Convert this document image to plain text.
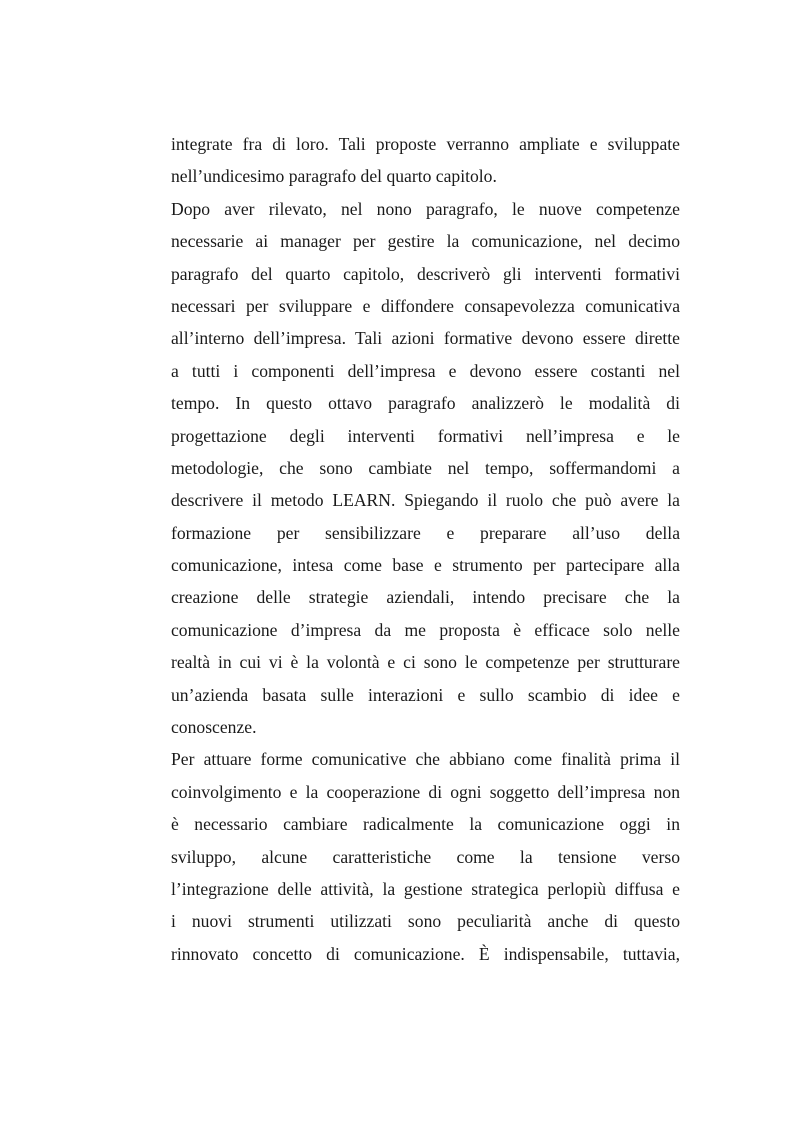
integrate fra di loro. Tali proposte verranno ampliate e sviluppate
nell’undicesimo paragrafo del quarto capitolo.
Dopo aver rilevato, nel nono paragrafo, le nuove competenze
necessarie ai manager per gestire la comunicazione, nel decimo
paragrafo del quarto capitolo, descriverò gli interventi formativi
necessari per sviluppare e diffondere consapevolezza comunicativa
all’interno dell’impresa. Tali azioni formative devono essere dirette
a tutti i componenti dell’impresa e devono essere costanti nel
tempo. In questo ottavo paragrafo analizzerò le modalità di
progettazione degli interventi formativi nell’impresa e le
metodologie, che sono cambiate nel tempo, soffermandomi a
descrivere il metodo LEARN. Spiegando il ruolo che può avere la
formazione per sensibilizzare e preparare all’uso della
comunicazione, intesa come base e strumento per partecipare alla
creazione delle strategie aziendali, intendo precisare che la
comunicazione d’impresa da me proposta è efficace solo nelle
realtà in cui vi è la volontà e ci sono le competenze per strutturare
un’azienda basata sulle interazioni e sullo scambio di idee e
conoscenze.
Per attuare forme comunicative che abbiano come finalità prima il
coinvolgimento e la cooperazione di ogni soggetto dell’impresa non
è necessario cambiare radicalmente la comunicazione oggi in
sviluppo, alcune caratteristiche come la tensione verso
l’integrazione delle attività, la gestione strategica perlopiù diffusa e
i nuovi strumenti utilizzati sono peculiarità anche di questo
rinnovato concetto di comunicazione. È indispensabile, tuttavia,
